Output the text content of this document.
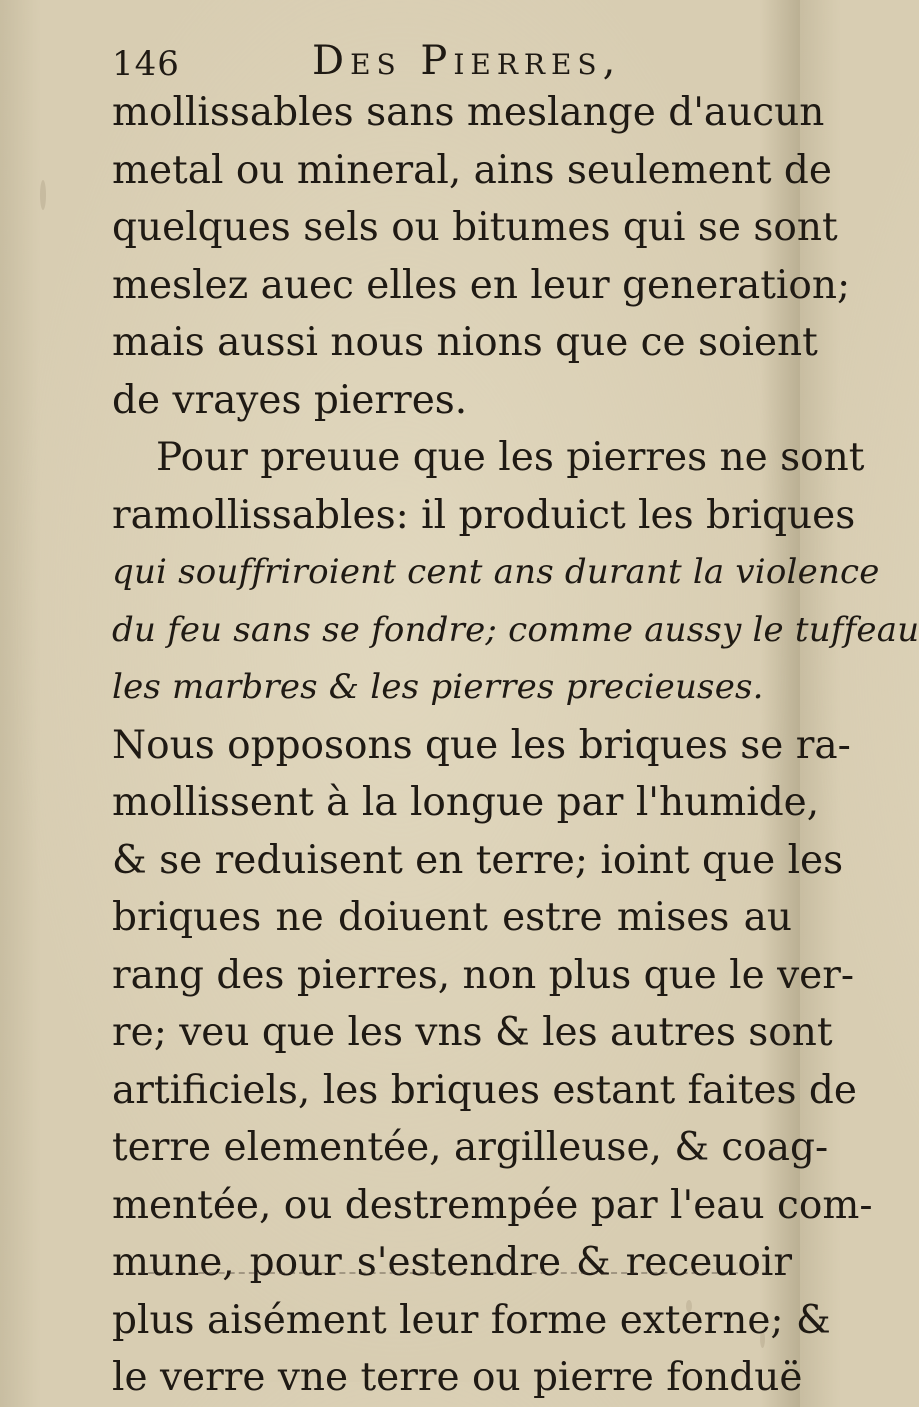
146	Des Pierres,
mollissables sans meslange d'aucun
metal ou mineral, ains seulement de
quelques sels ou bitumes qui se sont
meslez auec elles en leur generation;
mais aussi nous nions que ce soient
de vrayes pierres.
Pour preuue que les pierres ne sont
ramollissables: il produict les briques
qui souffriroient cent ans durant la violence
du feu sans se fondre; comme aussy le tuffeau
les marbres & les pierres precieuses.
Nous opposons que les briques se ra-
mollissent à la longue par l'humide,
& se reduisent en terre; ioint que les
briques ne doiuent estre mises au
rang des pierres, non plus que le ver-
re; veu que les vns & les autres sont
artificiels, les briques estant faites de
terre elementée, argilleuse, & coag-
mentée, ou destrempée par l'eau com-
mune, pour s'estendre & receuoir
plus aisément leur forme externe; &
le verre vne terre ou pierre fonduë
